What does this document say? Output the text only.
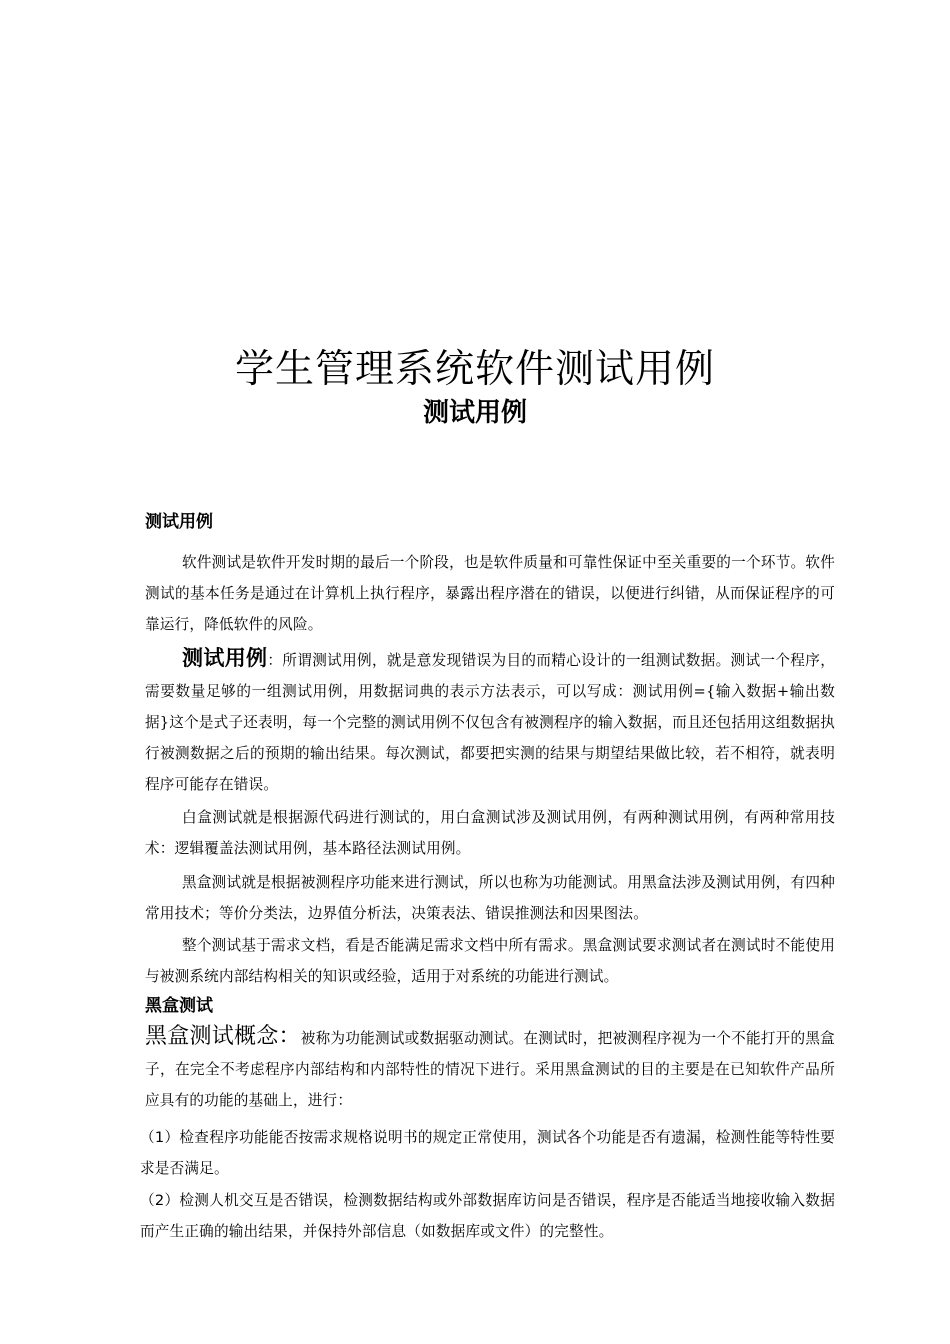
学生管理系统软件测试用例
测试用例
测试用例

软件测试是软件开发时期的最后一个阶段，也是软件质量和可靠性保证中至关重要的一个环节。软件测试的基本任务是通过在计算机上执行程序，暴露出程序潜在的错误，以便进行纠错，从而保证程序的可靠运行，降低软件的风险。

测试用例：所谓测试用例，就是意发现错误为目的而精心设计的一组测试数据。测试一个程序，需要数量足够的一组测试用例，用数据词典的表示方法表示，可以写成：测试用例={输入数据+输出数据}这个是式子还表明，每一个完整的测试用例不仅包含有被测程序的输入数据，而且还包括用这组数据执行被测数据之后的预期的输出结果。每次测试，都要把实测的结果与期望结果做比较，若不相符，就表明程序可能存在错误。

白盒测试就是根据源代码进行测试的，用白盒测试涉及测试用例，有两种测试用例，有两种常用技术：逻辑覆盖法测试用例，基本路径法测试用例。

黑盒测试就是根据被测程序功能来进行测试，所以也称为功能测试。用黑盒法涉及测试用例，有四种常用技术；等价分类法，边界值分析法，决策表法、错误推测法和因果图法。

整个测试基于需求文档，看是否能满足需求文档中所有需求。黑盒测试要求测试者在测试时不能使用与被测系统内部结构相关的知识或经验，适用于对系统的功能进行测试。

黑盒测试

黑盒测试概念：被称为功能测试或数据驱动测试。在测试时，把被测程序视为一个不能打开的黑盒子，在完全不考虑程序内部结构和内部特性的情况下进行。采用黑盒测试的目的主要是在已知软件产品所应具有的功能的基础上，进行：

（1）检查程序功能能否按需求规格说明书的规定正常使用，测试各个功能是否有遗漏，检测性能等特性要求是否满足。

（2）检测人机交互是否错误，检测数据结构或外部数据库访问是否错误，程序是否能适当地接收输入数据而产生正确的输出结果，并保持外部信息（如数据库或文件）的完整性。
